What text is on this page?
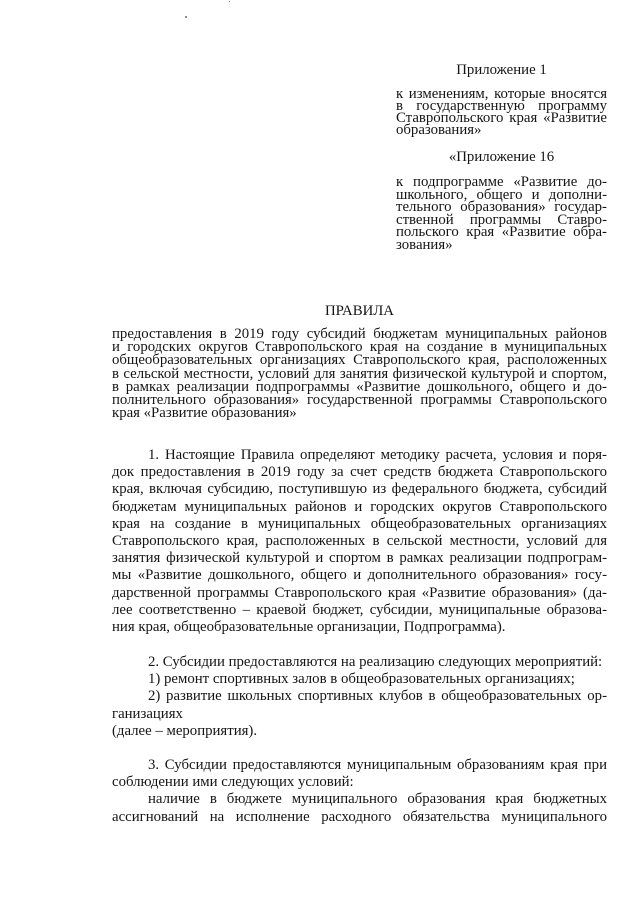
Приложение 1
к изменениям, которые вносятся
в государственную программу
Ставропольского края «Развитие
образования»
«Приложение 16
к подпрограмме «Развитие до-
школьного, общего и дополни-
тельного образования» государ-
ственной программы Ставро-
польского края «Развитие обра-
зования»
ПРАВИЛА
предоставления в 2019 году субсидий бюджетам муниципальных районов
и городских округов Ставропольского края на создание в муниципальных
общеобразовательных организациях Ставропольского края, расположенных
в сельской местности, условий для занятия физической культурой и спортом,
в рамках реализации подпрограммы «Развитие дошкольного, общего и до-
полнительного образования» государственной программы Ставропольского
края «Развитие образования»
1. Настоящие Правила определяют методику расчета, условия и поря-
док предоставления в 2019 году за счет средств бюджета Ставропольского
края, включая субсидию, поступившую из федерального бюджета, субсидий
бюджетам муниципальных районов и городских округов Ставропольского
края на создание в муниципальных общеобразовательных организациях
Ставропольского края, расположенных в сельской местности, условий для
занятия физической культурой и спортом в рамках реализации подпрограм-
мы «Развитие дошкольного, общего и дополнительного образования» госу-
дарственной программы Ставропольского края «Развитие образования» (да-
лее соответственно – краевой бюджет, субсидии, муниципальные образова-
ния края, общеобразовательные организации, Подпрограмма).
2. Субсидии предоставляются на реализацию следующих мероприятий:
1) ремонт спортивных залов в общеобразовательных организациях;
2) развитие школьных спортивных клубов в общеобразовательных ор-
ганизациях
(далее – мероприятия).
3. Субсидии предоставляются муниципальным образованиям края при
соблюдении ими следующих условий:
наличие в бюджете муниципального образования края бюджетных
ассигнований на исполнение расходного обязательства муниципального
